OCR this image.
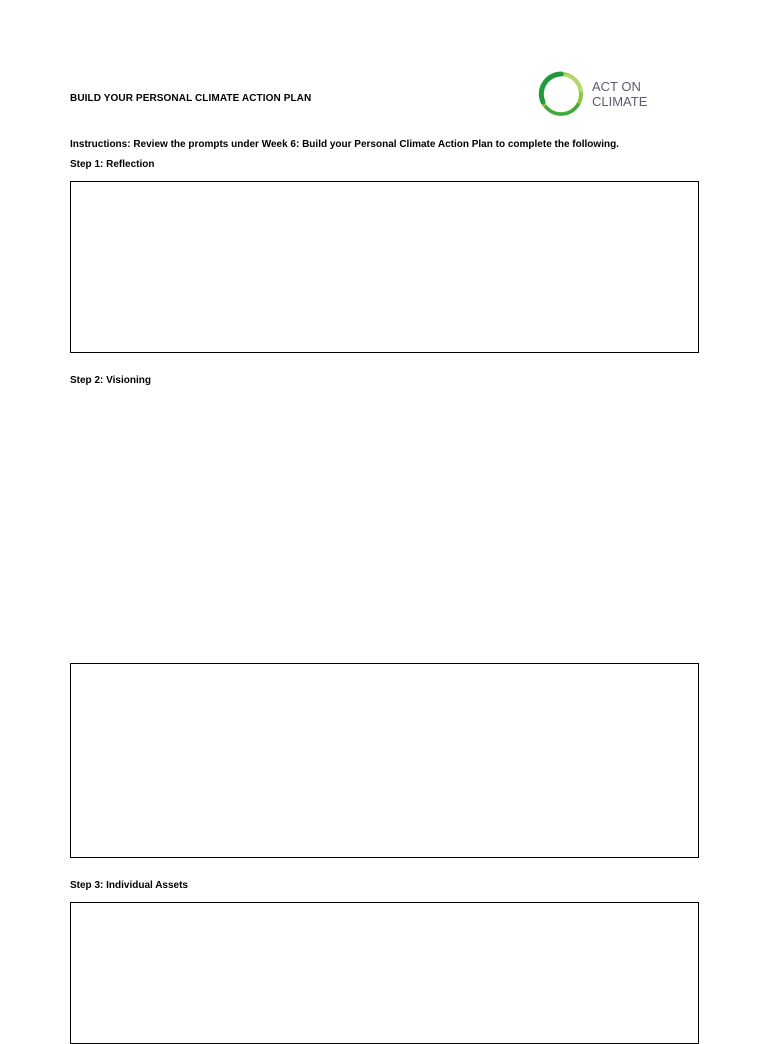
BUILD YOUR PERSONAL CLIMATE ACTION PLAN
ACT ON
CLIMATE
Instructions: Review the prompts under Week 6: Build your Personal Climate Action Plan to complete the following.
Step 1: Reflection
Step 2: Visioning
Step 3: Individual Assets
